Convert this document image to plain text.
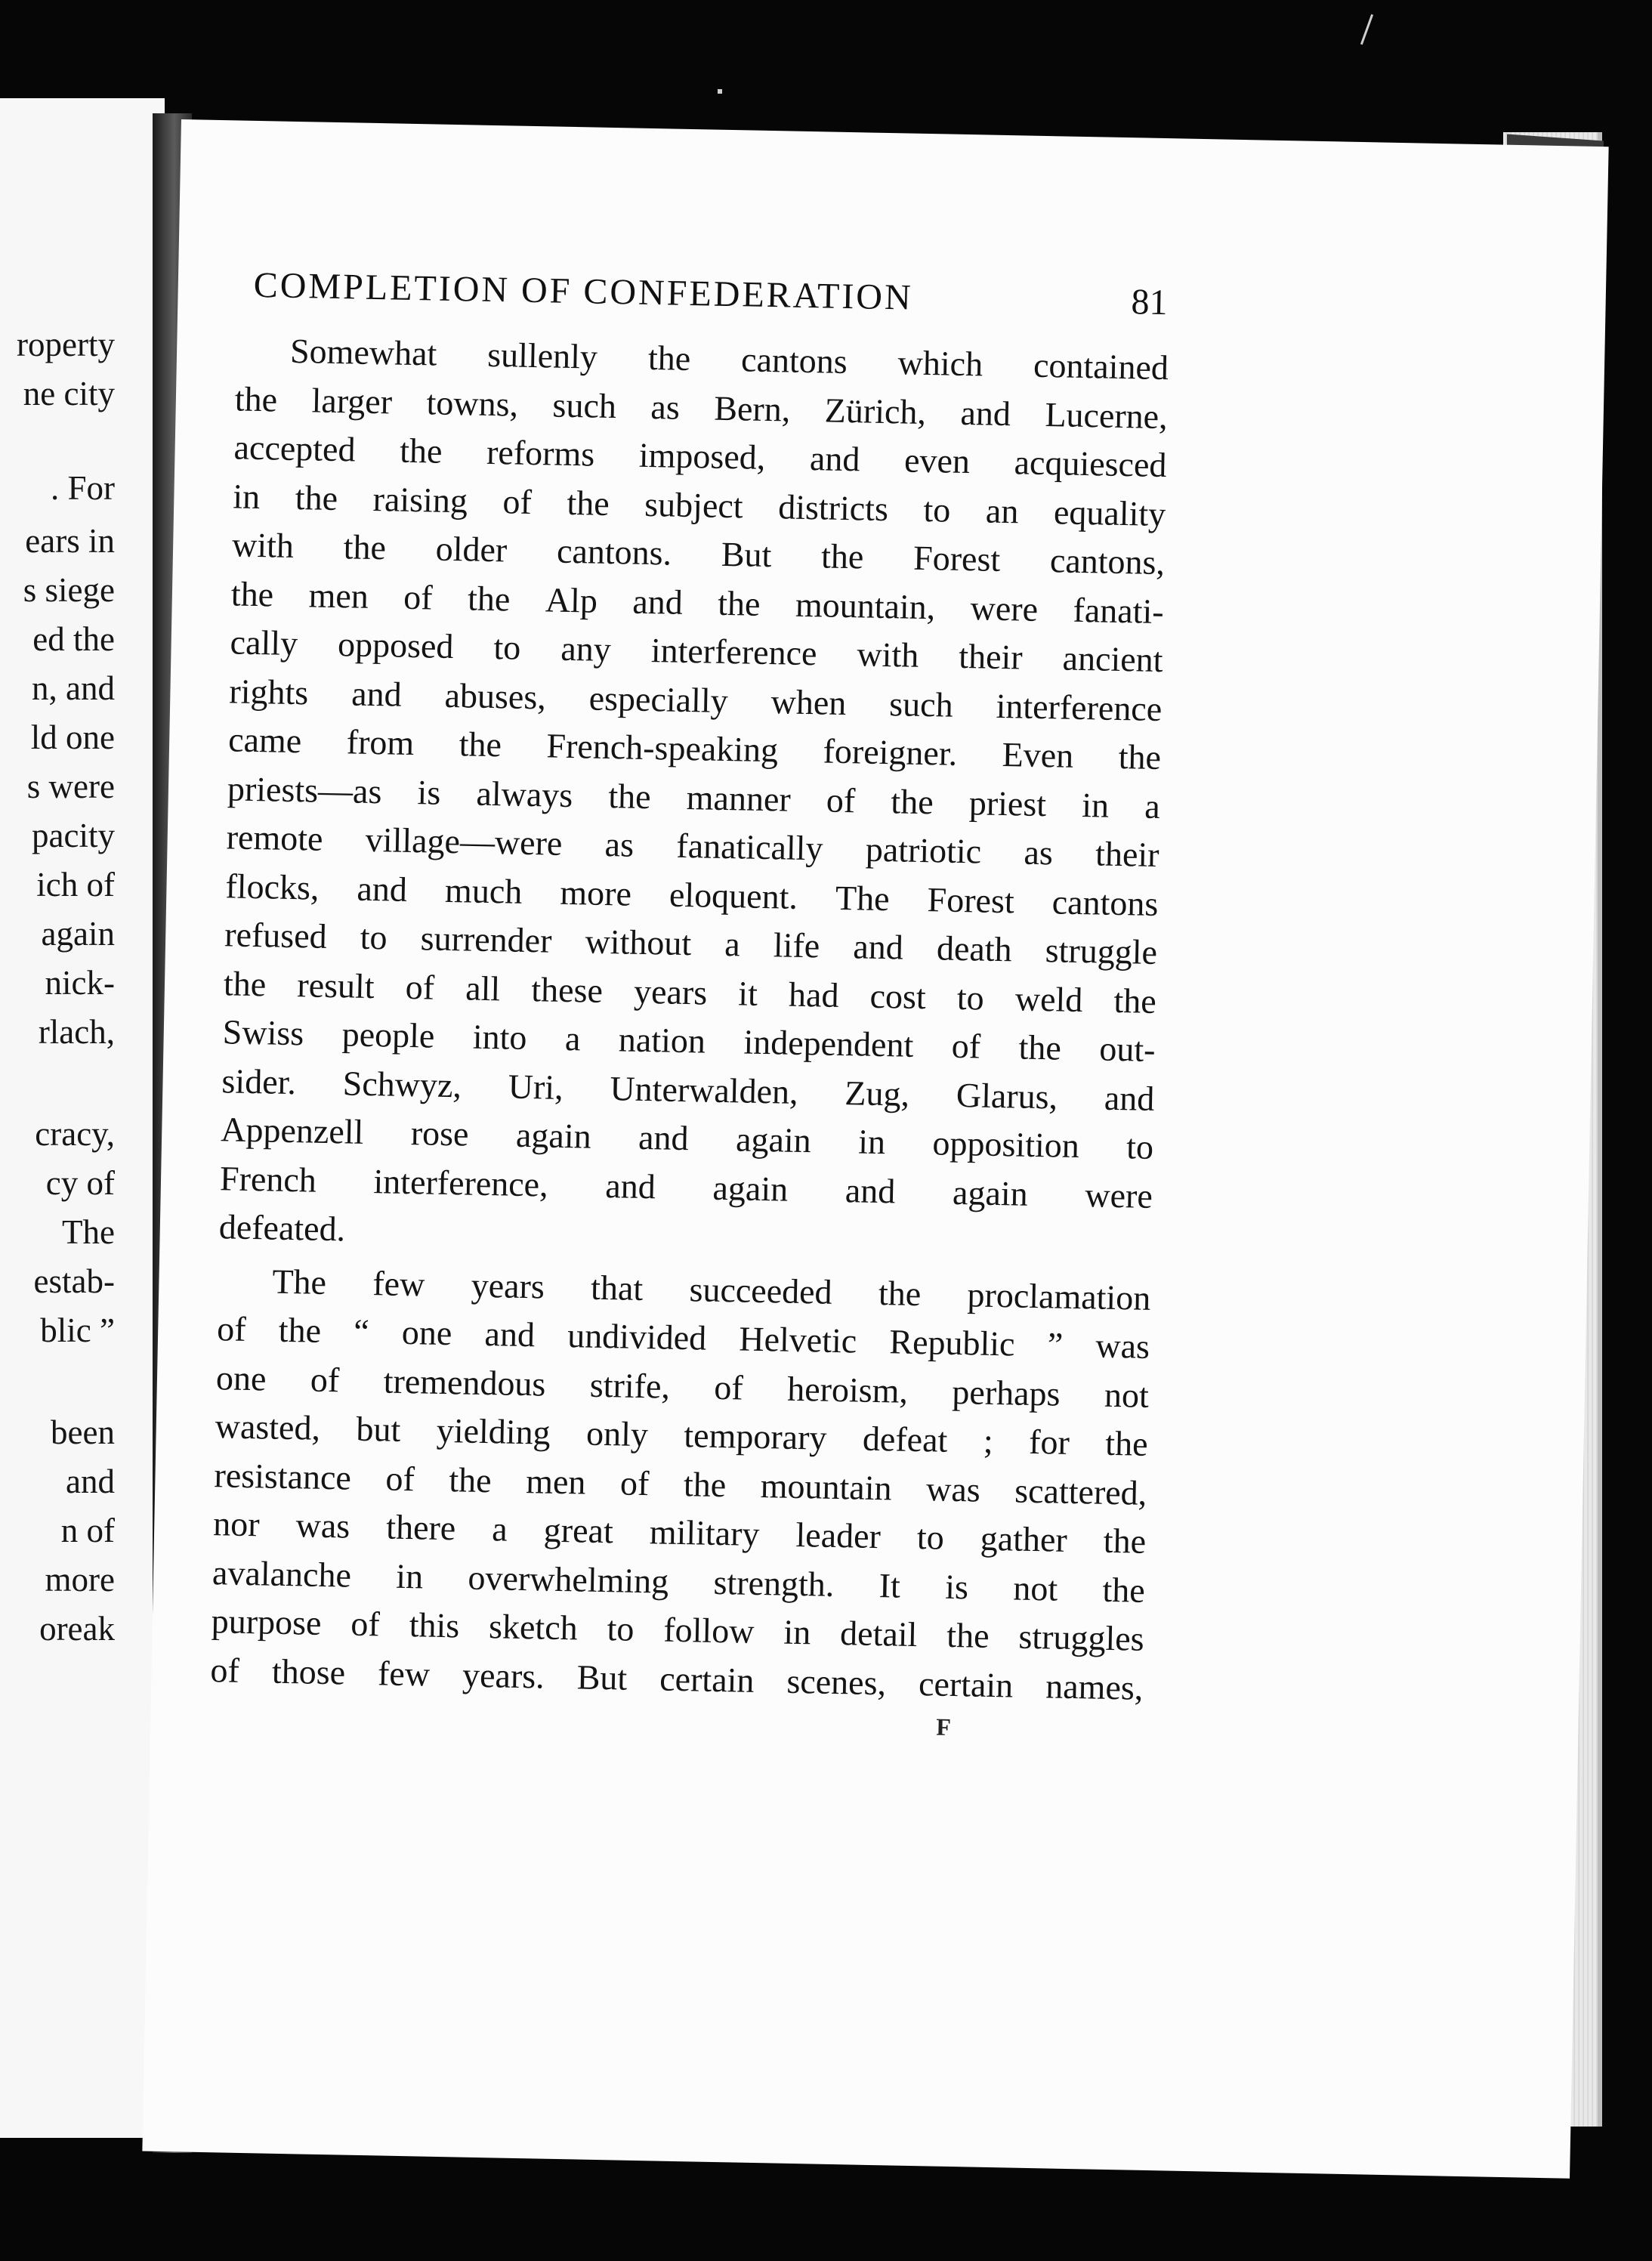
roperty
ne city
. For
ears in
s siege
ed the
n, and
ld one
s were
pacity
ich of
again
nick-
rlach,
cracy,
cy of
The
estab-
blic ”
been
and
n of
more
oreak
COMPLETION OF CONFEDERATION	81
Somewhat sullenly the cantons which contained
the larger towns, such as Bern, Zürich, and Lucerne,
accepted the reforms imposed, and even acquiesced
in the raising of the subject districts to an equality
with the older cantons. But the Forest cantons,
the men of the Alp and the mountain, were fanati-
cally opposed to any interference with their ancient
rights and abuses, especially when such interference
came from the French-speaking foreigner. Even the
priests—as is always the manner of the priest in a
remote village—were as fanatically patriotic as their
flocks, and much more eloquent. The Forest cantons
refused to surrender without a life and death struggle
the result of all these years it had cost to weld the
Swiss people into a nation independent of the out-
sider. Schwyz, Uri, Unterwalden, Zug, Glarus, and
Appenzell rose again and again in opposition to
French interference, and again and again were
defeated.
The few years that succeeded the proclamation
of the “ one and undivided Helvetic Republic ” was
one of tremendous strife, of heroism, perhaps not
wasted, but yielding only temporary defeat ; for the
resistance of the men of the mountain was scattered,
nor was there a great military leader to gather the
avalanche in overwhelming strength. It is not the
purpose of this sketch to follow in detail the struggles
of those few years. But certain scenes, certain names,
F
